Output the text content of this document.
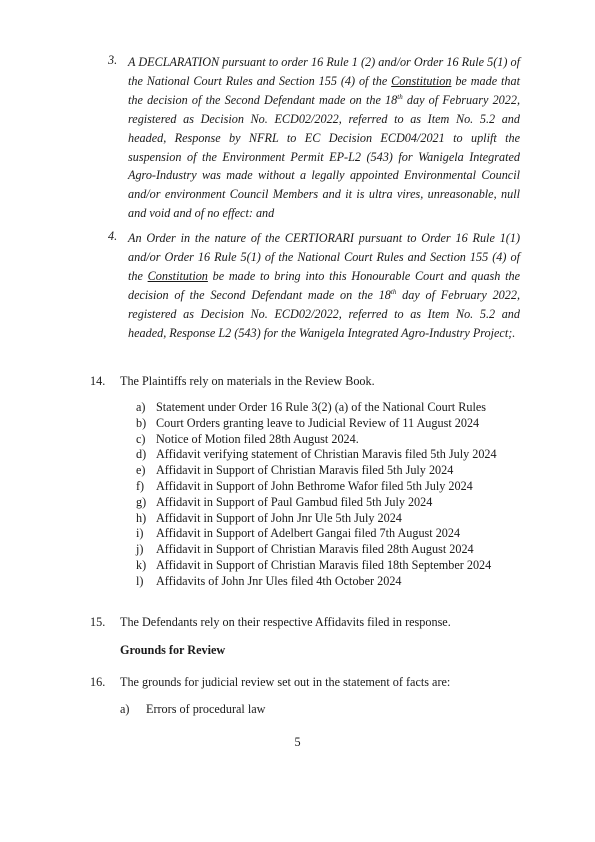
3. A DECLARATION pursuant to order 16 Rule 1 (2) and/or Order 16 Rule 5(1) of the National Court Rules and Section 155 (4) of the Constitution be made that the decision of the Second Defendant made on the 18th day of February 2022, registered as Decision No. ECD02/2022, referred to as Item No. 5.2 and headed, Response by NFRL to EC Decision ECD04/2021 to uplift the suspension of the Environment Permit EP-L2 (543) for Wanigela Integrated Agro-Industry was made without a legally appointed Environmental Council and/or environment Council Members and it is ultra vires, unreasonable, null and void and of no effect: and
4. An Order in the nature of the CERTIORARI pursuant to Order 16 Rule 1(1) and/or Order 16 Rule 5(1) of the National Court Rules and Section 155 (4) of the Constitution be made to bring into this Honourable Court and quash the decision of the Second Defendant made on the 18th day of February 2022, registered as Decision No. ECD02/2022, referred to as Item No. 5.2 and headed, Response L2 (543) for the Wanigela Integrated Agro-Industry Project;.
14. The Plaintiffs rely on materials in the Review Book.
a) Statement under Order 16 Rule 3(2) (a) of the National Court Rules
b) Court Orders granting leave to Judicial Review of 11 August 2024
c) Notice of Motion filed 28th August 2024.
d) Affidavit verifying statement of Christian Maravis filed 5th July 2024
e) Affidavit in Support of Christian Maravis filed 5th July 2024
f) Affidavit in Support of John Bethrome Wafor filed 5th July 2024
g) Affidavit in Support of Paul Gambud filed 5th July 2024
h) Affidavit in Support of John Jnr Ule 5th July 2024
i) Affidavit in Support of Adelbert Gangai filed 7th August 2024
j) Affidavit in Support of Christian Maravis filed 28th August 2024
k) Affidavit in Support of Christian Maravis filed 18th September 2024
l) Affidavits of John Jnr Ules filed 4th October 2024
15. The Defendants rely on their respective Affidavits filed in response.
Grounds for Review
16. The grounds for judicial review set out in the statement of facts are:
a) Errors of procedural law
5
